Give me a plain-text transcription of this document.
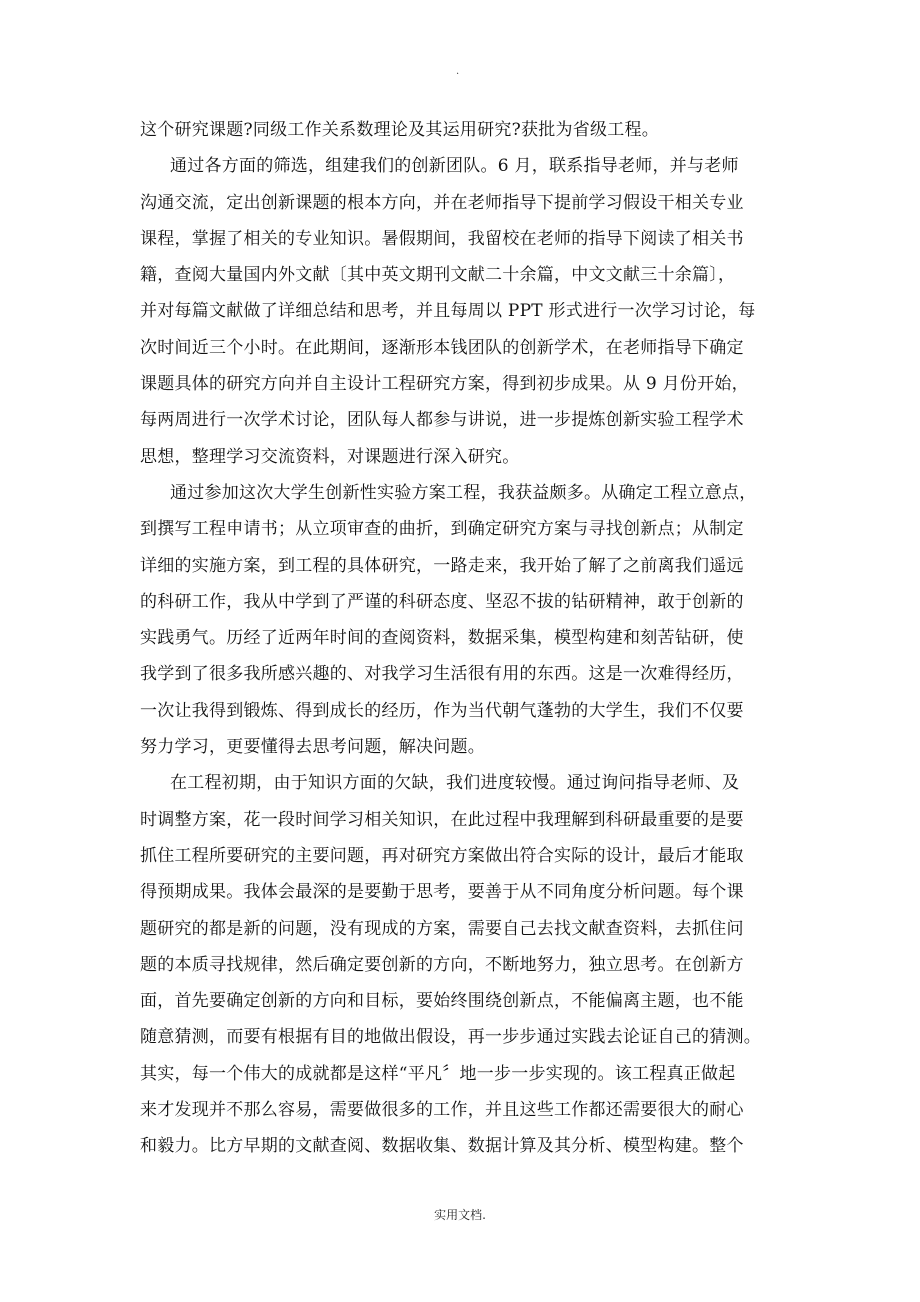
.
这个研究课题?同级工作关系数理论及其运用研究?获批为省级工程。
通过各方面的筛选，组建我们的创新团队。6 月，联系指导老师，并与老师
沟通交流，定出创新课题的根本方向，并在老师指导下提前学习假设干相关专业
课程，掌握了相关的专业知识。暑假期间，我留校在老师的指导下阅读了相关书
籍，查阅大量国内外文献〔其中英文期刊文献二十余篇，中文文献三十余篇〕，
并对每篇文献做了详细总结和思考，并且每周以 PPT 形式进行一次学习讨论，每
次时间近三个小时。在此期间，逐渐形本钱团队的创新学术，在老师指导下确定
课题具体的研究方向并自主设计工程研究方案，得到初步成果。从 9 月份开始，
每两周进行一次学术讨论，团队每人都参与讲说，进一步提炼创新实验工程学术
思想，整理学习交流资料，对课题进行深入研究。
通过参加这次大学生创新性实验方案工程，我获益颇多。从确定工程立意点，
到撰写工程申请书；从立项审查的曲折，到确定研究方案与寻找创新点；从制定
详细的实施方案，到工程的具体研究，一路走来，我开始了解了之前离我们遥远
的科研工作，我从中学到了严谨的科研态度、坚忍不拔的钻研精神，敢于创新的
实践勇气。历经了近两年时间的查阅资料，数据采集，模型构建和刻苦钻研，使
我学到了很多我所感兴趣的、对我学习生活很有用的东西。这是一次难得经历，
一次让我得到锻炼、得到成长的经历，作为当代朝气蓬勃的大学生，我们不仅要
努力学习，更要懂得去思考问题，解决问题。
在工程初期，由于知识方面的欠缺，我们进度较慢。通过询问指导老师、及
时调整方案，花一段时间学习相关知识，在此过程中我理解到科研最重要的是要
抓住工程所要研究的主要问题，再对研究方案做出符合实际的设计，最后才能取
得预期成果。我体会最深的是要勤于思考，要善于从不同角度分析问题。每个课
题研究的都是新的问题，没有现成的方案，需要自己去找文献查资料，去抓住问
题的本质寻找规律，然后确定要创新的方向，不断地努力，独立思考。在创新方
面，首先要确定创新的方向和目标，要始终围绕创新点，不能偏离主题，也不能
随意猜测，而要有根据有目的地做出假设，再一步步通过实践去论证自己的猜测。
其实，每一个伟大的成就都是这样“平凡〞地一步一步实现的。该工程真正做起
来才发现并不那么容易，需要做很多的工作，并且这些工作都还需要很大的耐心
和毅力。比方早期的文献查阅、数据收集、数据计算及其分析、模型构建。整个
实用文档.
